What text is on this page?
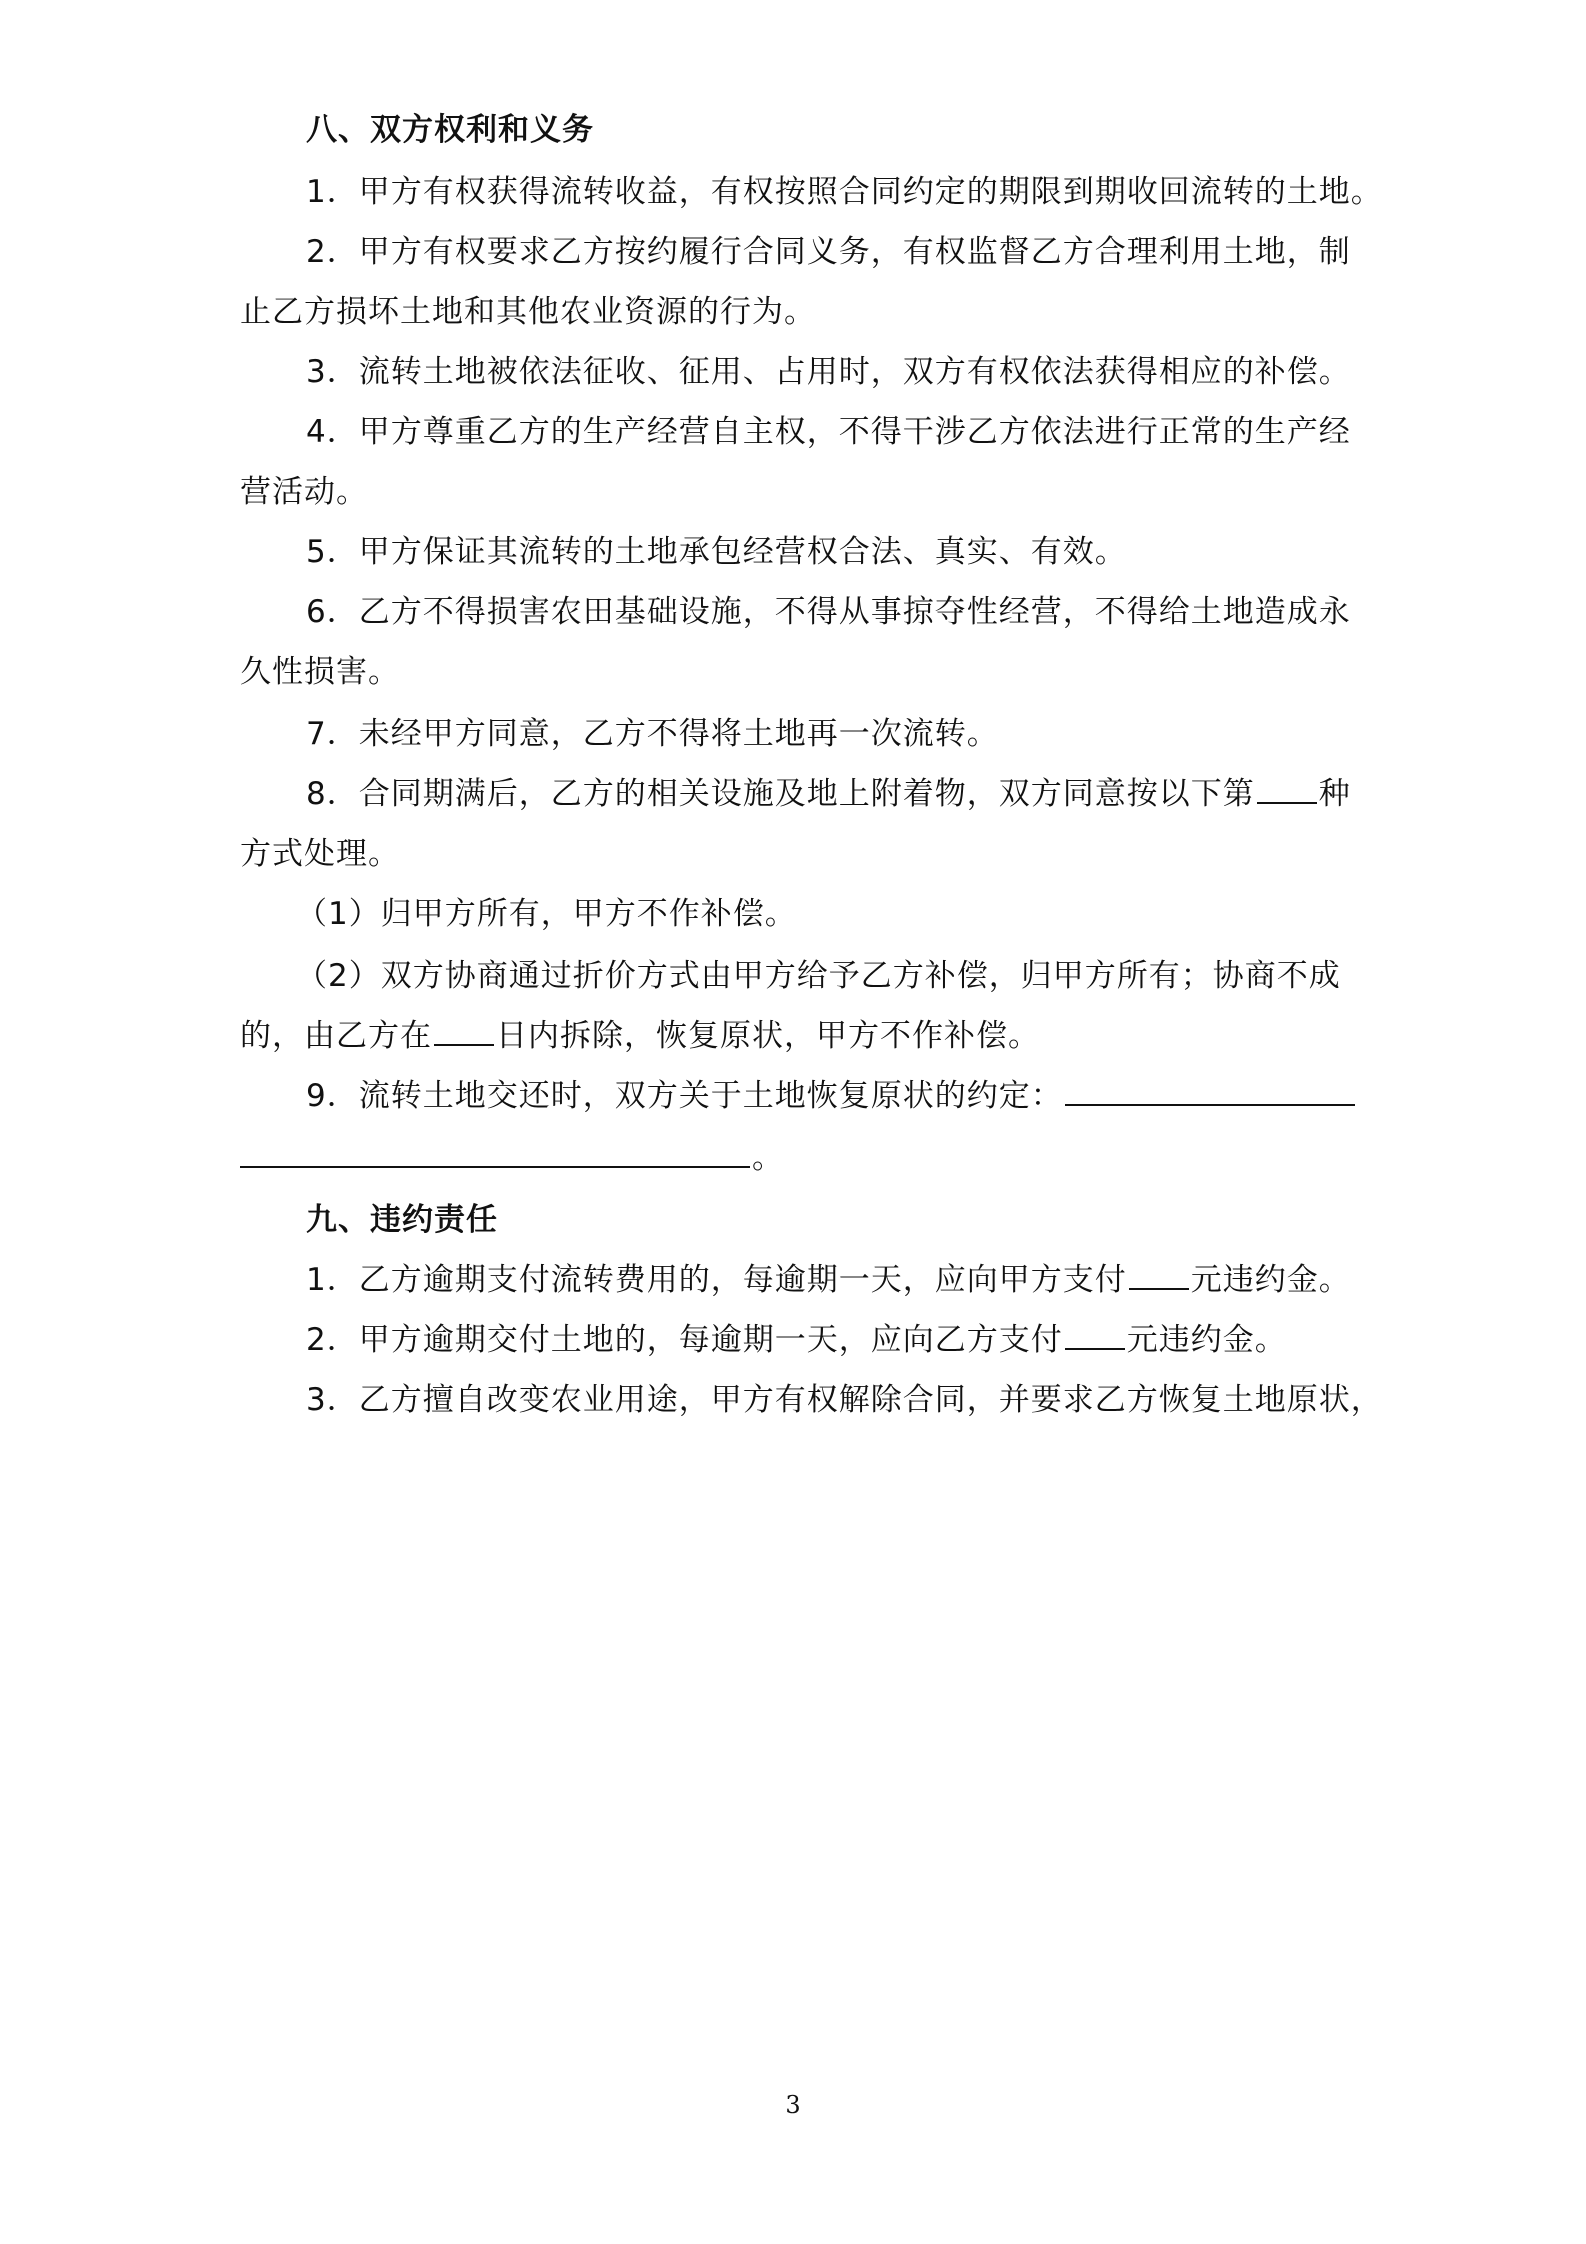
八、双方权利和义务
1．甲方有权获得流转收益，有权按照合同约定的期限到期收回流转的土地。
2．甲方有权要求乙方按约履行合同义务，有权监督乙方合理利用土地，制
止乙方损坏土地和其他农业资源的行为。
3．流转土地被依法征收、征用、占用时，双方有权依法获得相应的补偿。
4．甲方尊重乙方的生产经营自主权，不得干涉乙方依法进行正常的生产经
营活动。
5．甲方保证其流转的土地承包经营权合法、真实、有效。
6．乙方不得损害农田基础设施，不得从事掠夺性经营，不得给土地造成永
久性损害。
7．未经甲方同意，乙方不得将土地再一次流转。
8．合同期满后，乙方的相关设施及地上附着物，双方同意按以下第 种
方式处理。
（1）归甲方所有，甲方不作补偿。
（2）双方协商通过折价方式由甲方给予乙方补偿，归甲方所有；协商不成
的，由乙方在 日内拆除，恢复原状，甲方不作补偿。
9．流转土地交还时，双方关于土地恢复原状的约定：
。
九、违约责任
1．乙方逾期支付流转费用的，每逾期一天，应向甲方支付 元违约金。
2．甲方逾期交付土地的，每逾期一天，应向乙方支付 元违约金。
3．乙方擅自改变农业用途，甲方有权解除合同，并要求乙方恢复土地原状，
3
